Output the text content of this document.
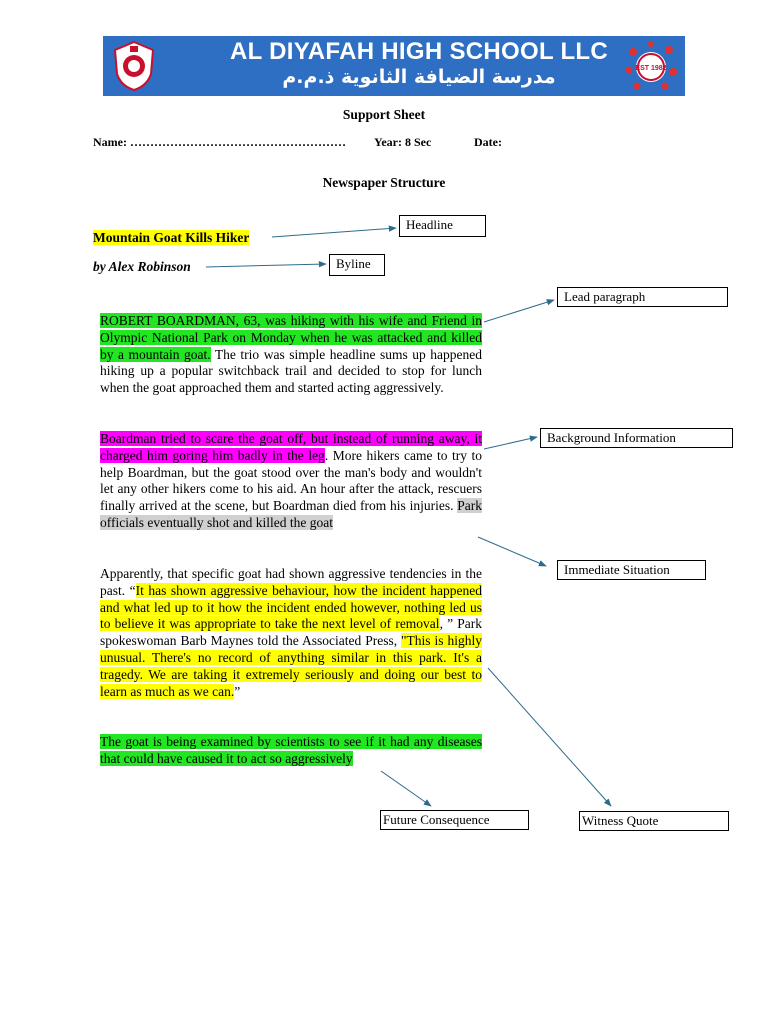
AL DIYAFAH HIGH SCHOOL LLC
مدرسة الضيافة الثانوية ذ.م.م	EST 1982
Support Sheet
Name: ……………………………………………… Year: 8 Sec	Date:
Newspaper Structure
Mountain Goat Kills Hiker
by Alex Robinson
ROBERT BOARDMAN, 63, was hiking with his wife and Friend in Olympic National Park on Monday when he was attacked and killed by a mountain goat. The trio was simple headline sums up happened hiking up a popular switchback trail and decided to stop for lunch when the goat approached them and started acting aggressively.
Boardman tried to scare the goat off, but instead of running away, it charged him goring him badly in the leg. More hikers came to try to help Boardman, but the goat stood over the man's body and wouldn't let any other hikers come to his aid. An hour after the attack, rescuers finally arrived at the scene, but Boardman died from his injuries. Park officials eventually shot and killed the goat
Apparently, that specific goat had shown aggressive tendencies in the past. “It has shown aggressive behaviour, how the incident happened and what led up to it how the incident ended however, nothing led us to believe it was appropriate to take the next level of removal, ” Park spokeswoman Barb Maynes told the Associated Press, "This is highly unusual. There's no record of anything similar in this park. It's a tragedy. We are taking it extremely seriously and doing our best to learn as much as we can.”
The goat is being examined by scientists to see if it had any diseases that could have caused it to act so aggressively
Headline
Byline
Lead paragraph
Background Information
Immediate Situation
Future Consequence	Witness Quote
